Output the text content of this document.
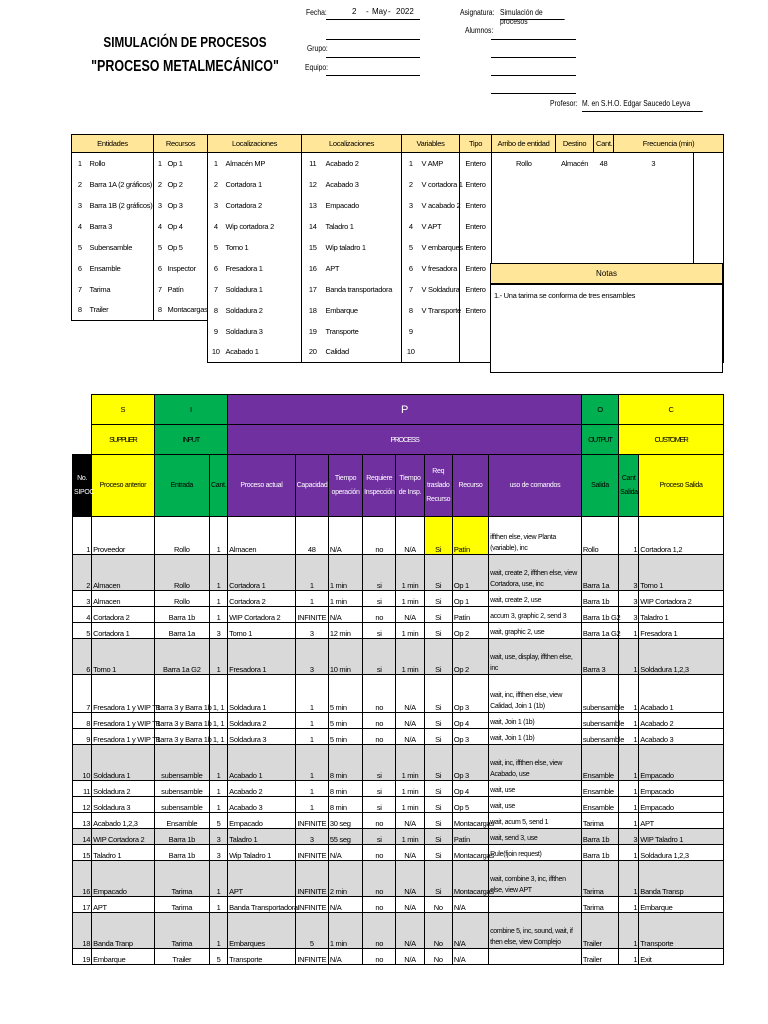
SIMULACIÓN DE PROCESOS
"PROCESO METALMECÁNICO"
Fecha:	2 - May - 2022
Grupo:
Equipo:
Asignatura: Simulación de procesos
Alumnos:
Profesor: M. en S.H.O. Edgar Saucedo Leyva
Entidades		Recursos		Localizaciones		Localizaciones		Variables		Tipo	Arribo de entidad	Destino	Cant.	Frecuencia (min)	
1	Rollo	1	Op 1	1	Almacén MP	11	Acabado 2	1	V AMP	Entero	Rollo	Almacén	48	3	
2	Barra 1A (2 gráficos)	2	Op 2	2	Cortadora 1	12	Acabado 3	2	V cortadora 1	Entero					
3	Barra 1B (2 gráficos)	3	Op 3	3	Cortadora 2	13	Empacado	3	V acabado 2	Entero					
4	Barra 3	4	Op 4	4	Wip cortadora 2	14	Taladro 1	4	V APT	Entero					
5	Subensamble	5	Op 5	5	Torno 1	15	Wip taladro 1	5	V embarques	Entero					
6	Ensamble	6	Inspector	6	Fresadora 1	16	APT	6	V fresadora	Entero					
7	Tarima	7	Patín	7	Soldadura 1	17	Banda transportadora	7	V Soldadura	Entero					
8	Trailer	8	Montacargas	8	Soldadura 2	18	Embarque	8	V Transporte	Entero					
				9	Soldadura 3	19	Transporte	9							
				10	Acabado 1	20	Calidad	10							
	S	I		P								O	C	
	SUPPLIER	INPUT		PROCESS								OUTPUT	CUSTOMER	
No. SIPOC	Proceso anterior	Entrada	Cant.	Proceso actual	Capacidad	Tiempo operación	Requiere Inspección	Tiempo de Insp.	Req traslado Recurso	Recurso	uso de comandos	Salida	Cant Salida	Proceso Salida
1	Proveedor	Rollo	1	Almacen	48	N/A	no	N/A	Si	Patín	iffthen else, view Planta (variable), inc	Rollo	1	Cortadora 1,2
2	Almacen	Rollo	1	Cortadora 1	1	1 min	si	1 min	Si	Op 1	wait, create 2, iffthen else, view Cortadora, use, inc	Barra 1a	3	Torno 1
3	Almacen	Rollo	1	Cortadora 2	1	1 min	si	1 min	Si	Op 1	wait, create 2, use	Barra 1b	3	WIP Cortadora 2
4	Cortadora 2	Barra 1b	1	WIP Cortadora 2	INFINITE	N/A	no	N/A	Si	Patín	accum 3, graphic 2, send 3	Barra 1b G2	3	Taladro 1
5	Cortadora 1	Barra 1a	3	Torno 1	3	12 min	si	1 min	Si	Op 2	wait, graphic 2, use	Barra 1a G2	1	Fresadora 1
6	Torno 1	Barra 1a G2	1	Fresadora 1	3	10 min	si	1 min	Si	Op 2	wait, use, display, iffthen else, inc	Barra 3	1	Soldadura 1,2,3
7	Fresadora 1 y WIP T1	Barra 3 y Barra 1b	1, 1	Soldadura 1	1	5 min	no	N/A	Si	Op 3	wait, inc, iffthen else, view Calidad, Join 1 (1b)	subensamble	1	Acabado 1
8	Fresadora 1 y WIP T1	Barra 3 y Barra 1b	1, 1	Soldadura 2	1	5 min	no	N/A	Si	Op 4	wait, Join 1 (1b)	subensamble	1	Acabado 2
9	Fresadora 1 y WIP T1	Barra 3 y Barra 1b	1, 1	Soldadura 3	1	5 min	no	N/A	Si	Op 3	wait, Join 1 (1b)	subensamble	1	Acabado 3
10	Soldadura 1	subensamble	1	Acabado 1	1	8 min	si	1 min	Si	Op 3	wait, inc, iffthen else, view Acabado, use	Ensamble	1	Empacado
11	Soldadura 2	subensamble	1	Acabado 2	1	8 min	si	1 min	Si	Op 4	wait, use	Ensamble	1	Empacado
12	Soldadura 3	subensamble	1	Acabado 3	1	8 min	si	1 min	Si	Op 5	wait, use	Ensamble	1	Empacado
13	Acabado 1,2,3	Ensamble	5	Empacado	INFINITE	30 seg	no	N/A	Si	Montacargas	wait, acum 5, send 1	Tarima	1	APT
14	WIP Cortadora 2	Barra 1b	3	Taladro 1	3	55 seg	si	1 min	Si	Patín	wait, send 3, use	Barra 1b	3	WIP Taladro 1
15	Taladro 1	Barra 1b	3	Wip Taladro 1	INFINITE	N/A	no	N/A	Si	Montacargas	Rule(fjoin request)	Barra 1b	1	Soldadura 1,2,3
16	Empacado	Tarima	1	APT	INFINITE	2 min	no	N/A	Si	Montacargas	wait, combine 3, inc, iffthen else, view APT	Tarima	1	Banda Transp
17	APT	Tarima	1	Banda Transportadora	INFINITE	N/A	no	N/A	No	N/A		Tarima	1	Embarque
18	Banda Tranp	Tarima	1	Embarques	5	1 min	no	N/A	No	N/A	combine 5, inc, sound, wait, if then else, view Complejo	Trailer	1	Transporte
19	Embarque	Trailer	5	Transporte	INFINITE	N/A	no	N/A	No	N/A		Trailer	1	Exit
Notas
1.- Una tarima se conforma de tres ensambles
